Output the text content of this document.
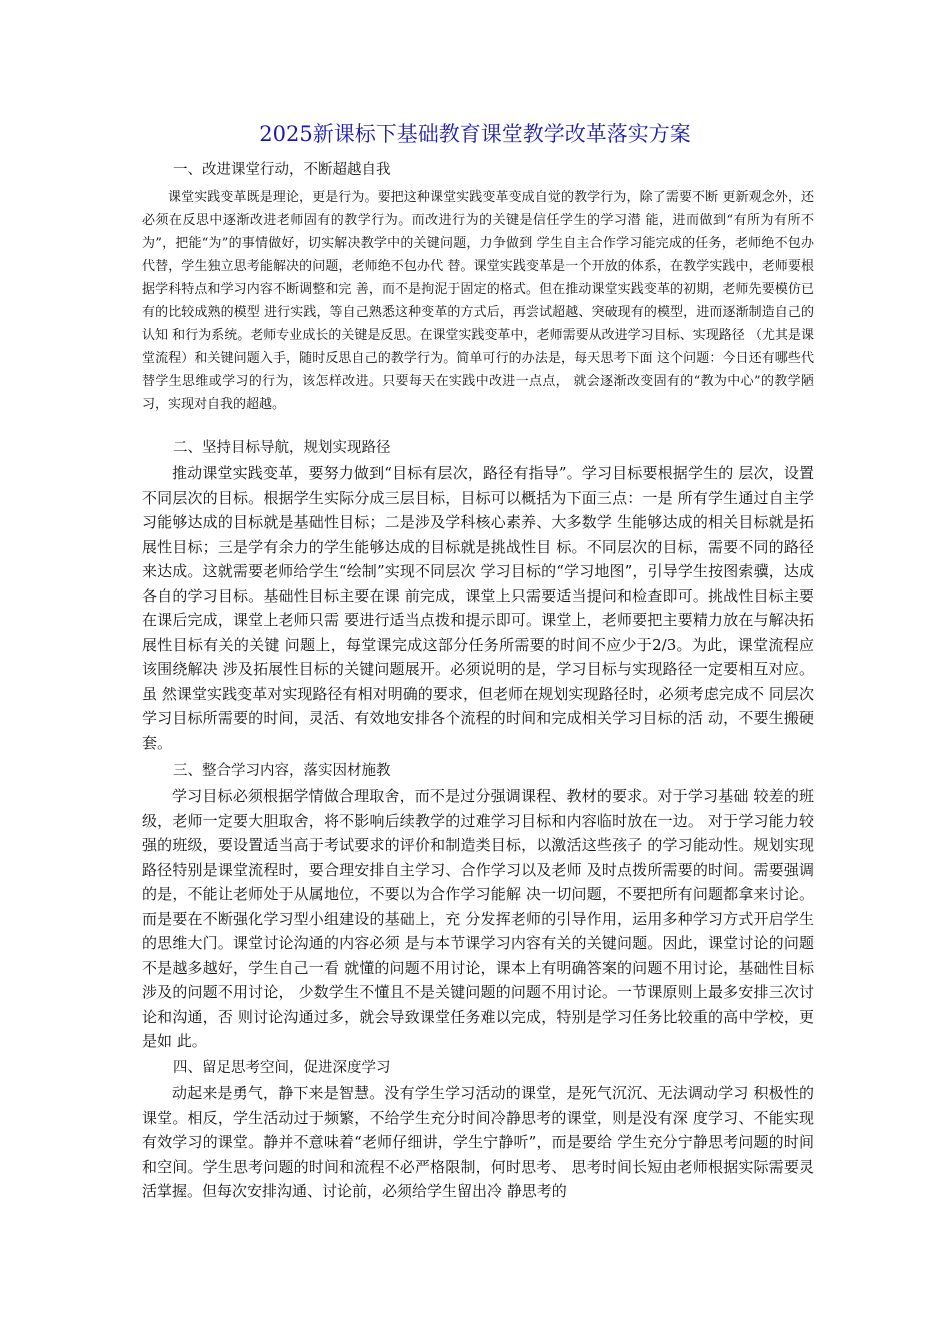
2025新课标下基础教育课堂教学改革落实方案
一、改进课堂行动，不断超越自我

课堂实践变革既是理论，更是行为。要把这种课堂实践变革变成自觉的教学行为，除了需要不断 更新观念外，还必须在反思中逐渐改进老师固有的教学行为。而改进行为的关键是信任学生的学习潜 能，进而做到“有所为有所不为”，把能“为”的事情做好，切实解决教学中的关键问题，力争做到 学生自主合作学习能完成的任务，老师绝不包办代替，学生独立思考能解决的问题，老师绝不包办代 替。课堂实践变革是一个开放的体系，在教学实践中，老师要根据学科特点和学习内容不断调整和完 善，而不是拘泥于固定的格式。但在推动课堂实践变革的初期，老师先要模仿已有的比较成熟的模型 进行实践，等自己熟悉这种变革的方式后，再尝试超越、突破现有的模型，进而逐渐制造自己的认知 和行为系统。老师专业成长的关键是反思。在课堂实践变革中，老师需要从改进学习目标、实现路径 （尤其是课堂流程）和关键问题入手，随时反思自己的教学行为。简单可行的办法是，每天思考下面 这个问题：今日还有哪些代替学生思维或学习的行为，该怎样改进。只要每天在实践中改进一点点， 就会逐渐改变固有的“教为中心”的教学陋习，实现对自我的超越。

二、坚持目标导航，规划实现路径

推动课堂实践变革，要努力做到“目标有层次，路径有指导”。学习目标要根据学生的 层次，设置不同层次的目标。根据学生实际分成三层目标，目标可以概括为下面三点：一是 所有学生通过自主学习能够达成的目标就是基础性目标；二是涉及学科核心素养、大多数学 生能够达成的相关目标就是拓展性目标；三是学有余力的学生能够达成的目标就是挑战性目 标。不同层次的目标，需要不同的路径来达成。这就需要老师给学生“绘制”实现不同层次 学习目标的“学习地图”，引导学生按图索骥，达成各自的学习目标。基础性目标主要在课 前完成，课堂上只需要适当提问和检查即可。挑战性目标主要在课后完成，课堂上老师只需 要进行适当点拨和提示即可。课堂上，老师要把主要精力放在与解决拓展性目标有关的关键 问题上，每堂课完成这部分任务所需要的时间不应少于2/3。为此，课堂流程应该围绕解决 涉及拓展性目标的关键问题展开。必须说明的是，学习目标与实现路径一定要相互对应。虽 然课堂实践变革对实现路径有相对明确的要求，但老师在规划实现路径时，必须考虑完成不 同层次学习目标所需要的时间，灵活、有效地安排各个流程的时间和完成相关学习目标的活 动，不要生搬硬套。

三、整合学习内容，落实因材施教

学习目标必须根据学情做合理取舍，而不是过分强调课程、教材的要求。对于学习基础 较差的班级，老师一定要大胆取舍，将不影响后续教学的过难学习目标和内容临时放在一边。 对于学习能力较强的班级，要设置适当高于考试要求的评价和制造类目标，以激活这些孩子 的学习能动性。规划实现路径特别是课堂流程时，要合理安排自主学习、合作学习以及老师 及时点拨所需要的时间。需要强调的是，不能让老师处于从属地位，不要以为合作学习能解 决一切问题，不要把所有问题都拿来讨论。而是要在不断强化学习型小组建设的基础上，充 分发挥老师的引导作用，运用多种学习方式开启学生的思维大门。课堂讨论沟通的内容必须 是与本节课学习内容有关的关键问题。因此，课堂讨论的问题不是越多越好，学生自己一看 就懂的问题不用讨论，课本上有明确答案的问题不用讨论，基础性目标涉及的问题不用讨论， 少数学生不懂且不是关键问题的问题不用讨论。一节课原则上最多安排三次讨论和沟通，否 则讨论沟通过多，就会导致课堂任务难以完成，特别是学习任务比较重的高中学校，更是如 此。

四、留足思考空间，促进深度学习

动起来是勇气，静下来是智慧。没有学生学习活动的课堂，是死气沉沉、无法调动学习 积极性的课堂。相反，学生活动过于频繁，不给学生充分时间冷静思考的课堂，则是没有深 度学习、不能实现有效学习的课堂。静并不意味着“老师仔细讲，学生宁静听”，而是要给 学生充分宁静思考问题的时间和空间。学生思考问题的时间和流程不必严格限制，何时思考、 思考时间长短由老师根据实际需要灵活掌握。但每次安排沟通、讨论前，必须给学生留出冷 静思考的
